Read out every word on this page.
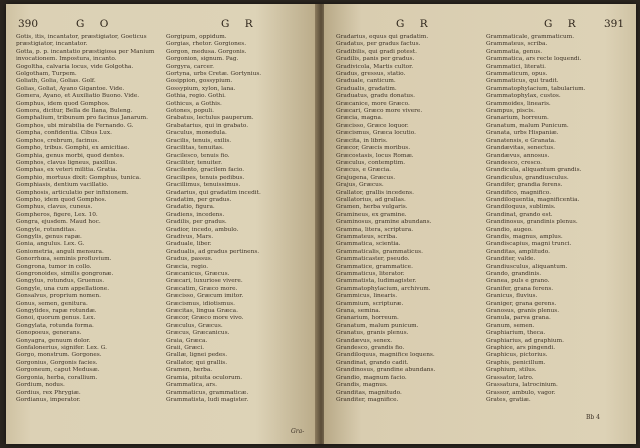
390	G O	G R
Gotis, itis, incantator, præstigiator, Goeticus
præstigiator, incantator.
Gotta, p. p. incantatio præstigiosa per Manium
invocationem. Impostura, incanto.
Gogoltha, calvaria locus, vide Golgotha.
Golgotham, Turpem.
Goliath, Golia, Golias. Golf.
Golias, Goliat, Ayano Gigantoe. Vide.
Gomera, Ayano, et Auxiliatio Buono. Vide.
Gomphus, idem quod Gomphos.
Gomora, dicitur, Bella de Ilana, Buleng.
Gomphalium, tribunum pro facinus Janarum.
Gomphos, ubi mirabilia de Fernando. G.
Gompha, confidentia. Cibus Lux.
Gomphos, crebrum, facinus.
Gompho, tribus. Gomphi, ex amicitiae.
Gomphia, genus morbi, quod dentes.
Gomphos, clavus ligneus, paxillus.
Gomphas, ex veteri militia. Gratia.
Gomphio, mortuus dixit: Gomphus, tunica.
Gomphiasis, dentium vacillatio.
Gomphosis, articulatio per infixionem.
Gompho, idem quod Gomphos.
Gomphus, clavus, cuneus.
Gompheros, figere, Lex. 10.
Gongra, ejusdem. Maud hoc.
Gongyle, rotunditas.
Gongylis, genus rapæ.
Gonia, angulus. Lex. G.
Goniometria, anguli mensura.
Gonorrhœa, seminis profluvium.
Gongrona, tumor in collo.
Gongronoides, similis gongronæ.
Gongylus, rotundus, Gruenus.
Gongyle, una cum appellatione.
Gonsalvus, proprium nomen.
Gonus, semen, genitura.
Gongylides, rapæ rotundæ.
Gonoi, quorum genus. Lex.
Gongylata, rotunda forma.
Gonopoeus, generans.
Gonyagra, genuum dolor.
Gonfalonerius, signifer. Lex. G.
Gorgo, monstrum. Gorgones.
Gorgonius, Gorgonis facies.
Gorgoneum, caput Medusæ.
Gorgonia, herba, corallium.
Gordium, nodus.
Gordius, rex Phrygiæ.
Gordianus, imperator.
Gorgipum, oppidum.
Gorgias, rhetor. Gorgiones.
Gorgon, medusa. Gorgonis.
Gorgonion, signum. Pag.
Gorgyra, carcer.
Gortyna, urbs Cretæ. Gortynius.
Gosippion, gossypium.
Gossypium, xylon, lana.
Gothia, regio. Gothi.
Gothicus, a Gothis.
Gotones, populi.
Grabatus, lectulus pauperum.
Grabatarius, qui in grabato.
Graculus, monedula.
Gracilis, tenuis, exilis.
Gracilitas, tenuitas.
Gracilesco, tenuis fio.
Graciliter, tenuiter.
Gracilento, gracilem facio.
Gracilipes, tenuis pedibus.
Gracillimus, tenuissimus.
Gradarius, qui gradatim incedit.
Gradatim, per gradus.
Gradatio, figura.
Gradiens, incedens.
Gradilis, per gradus.
Gradior, incedo, ambulo.
Gradivus, Mars.
Graduale, liber.
Gradualis, ad gradus pertinens.
Gradus, passus.
Græcia, regio.
Græcanicus, Græcus.
Græcari, luxuriose vivere.
Græcatim, Græco more.
Græcisso, Græcum imitor.
Græcismus, idiotismus.
Græcitas, lingua Græca.
Græcor, Græco more vivo.
Græculus, Græcus.
Græcus, Græcanicus.
Graia, Græca.
Graii, Græci.
Grallæ, lignei pedes.
Grallator, qui grallis.
Gramen, herba.
Gramia, pituita oculorum.
Grammatica, ars.
Grammaticus, grammaticæ.
Grammatista, ludi magister.
Gra-
G R	G R 391
Gradarius, equus qui gradatim.
Gradatus, per gradus factus.
Gradibilis, qui gradi potest.
Gradilis, panis per gradus.
Gradivicola, Martis cultor.
Gradus, gressus, statio.
Graduale, canticum.
Gradualis, gradatim.
Graduatus, gradu donatus.
Græcanice, more Græco.
Græcari, Græco more vivere.
Græcia, magna.
Græcisso, Græce loquor.
Græcismus, Græca locutio.
Græcita, in libris.
Græcor, Græcis moribus.
Græcostasis, locus Romæ.
Græculus, contemptim.
Græcus, e Græcia.
Grajugena, Græcus.
Grajus, Græcus.
Grallator, grallis incedens.
Grallatorius, ad grallas.
Gramen, herba vulgaris.
Gramineus, ex gramine.
Graminosus, gramine abundans.
Gramma, litera, scriptura.
Grammateus, scriba.
Grammatica, scientia.
Grammaticalis, grammaticus.
Grammaticaster, pseudo.
Grammatice, grammatice.
Grammaticus, literator.
Grammatista, ludimagister.
Grammatophylacium, archivum.
Grammicus, linearis.
Grammium, scripturæ.
Grana, semina.
Granarium, horreum.
Granatum, malum punicum.
Granatus, granis plenus.
Grandævus, senex.
Grandesco, grandis fio.
Grandiloquus, magnifice loquens.
Grandinat, grando cadit.
Grandinosus, grandine abundans.
Grandio, magnum facio.
Grandis, magnus.
Granditas, magnitudo.
Granditer, magnifice.
Grammaticale, grammaticum.
Grammateus, scriba.
Grammatia, genus.
Grammatica, ars recte loquendi.
Grammatici, literati.
Grammaticum, opus.
Grammaticus, qui tradit.
Grammatophylacium, tabularium.
Grammatophylax, custos.
Grammoides, linearis.
Grampus, piscis.
Granarium, horreum.
Granatum, malum Punicum.
Granata, urbs Hispaniæ.
Granatensis, e Granata.
Grandævitas, senectus.
Grandævus, annosus.
Grandesco, cresco.
Grandicula, aliquantum grandis.
Grandiculus, grandiusculus.
Grandifer, grandia ferens.
Grandifico, magnifico.
Grandiloquentia, magnificentia.
Grandiloquus, sublimis.
Grandinat, grando est.
Grandinosus, grandinis plenus.
Grandio, augeo.
Grandis, magnus, amplus.
Grandiscapius, magni trunci.
Granditas, amplitudo.
Granditer, valde.
Grandiusculus, aliquantum.
Grando, grandinis.
Granea, puls e grano.
Granifer, grana ferens.
Granicus, fluvius.
Graniger, grana gerens.
Granosus, granis plenus.
Granula, parva grana.
Granum, semen.
Graphiarium, theca.
Graphiarius, ad graphium.
Graphice, ars pingendi.
Graphicus, pictorius.
Graphis, penicillum.
Graphium, stilus.
Grassator, latro.
Grassatura, latrocinium.
Grassor, ambulo, vagor.
Grates, gratiæ.
Bb 4
